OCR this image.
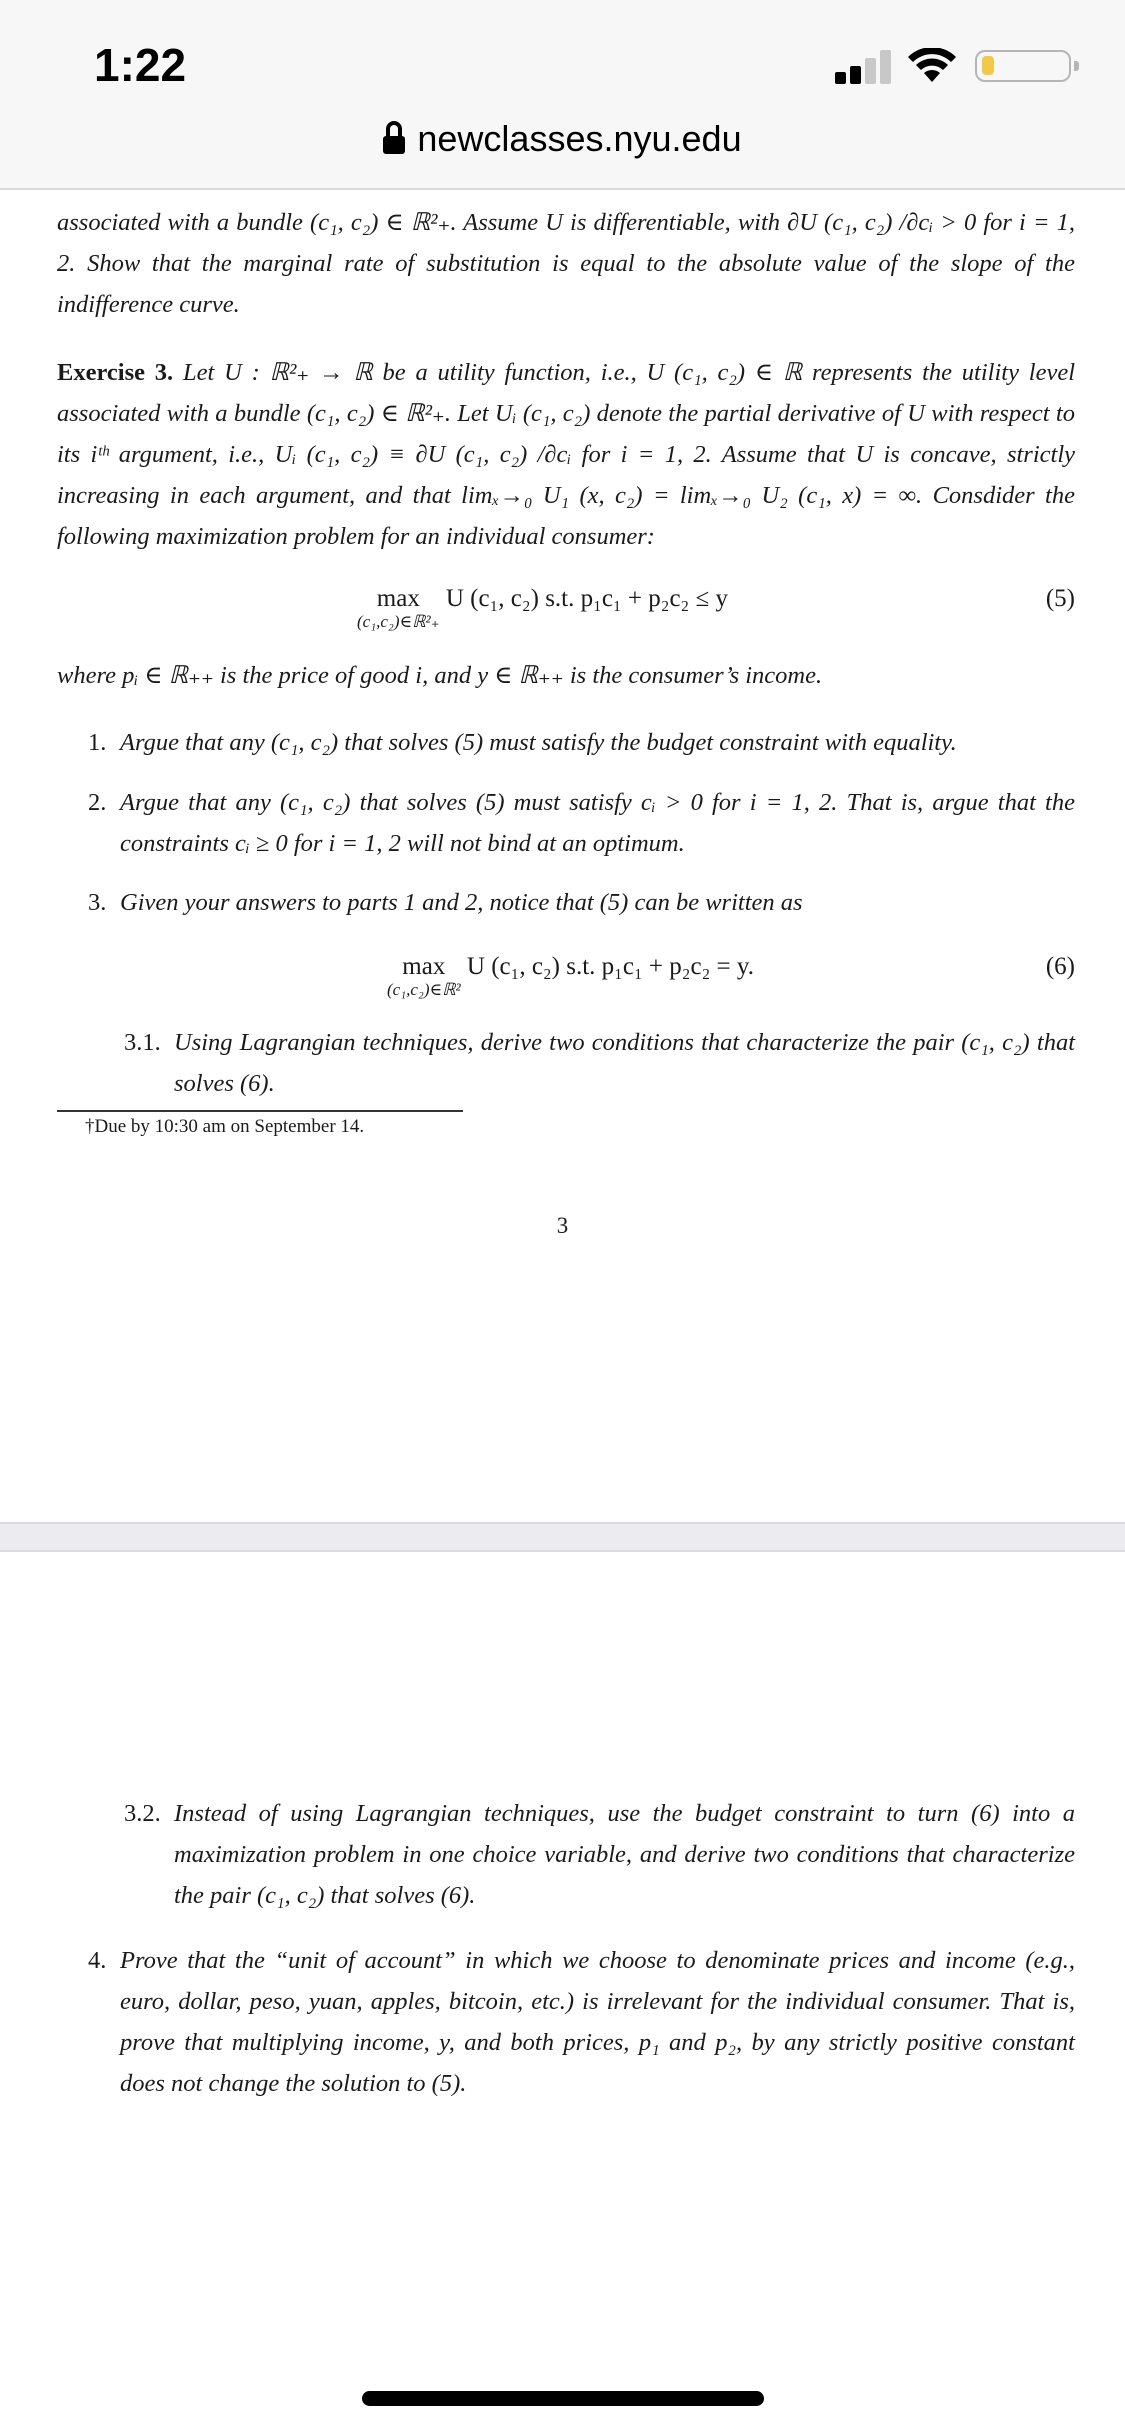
1:22
newclasses.nyu.edu

associated with a bundle (c₁, c₂) ∈ ℝ²₊. Assume U is differentiable, with ∂U (c₁, c₂) /∂cᵢ > 0 for i = 1, 2. Show that the marginal rate of substitution is equal to the absolute value of the slope of the indifference curve.

Exercise 3. Let U : ℝ²₊ → ℝ be a utility function, i.e., U (c₁, c₂) ∈ ℝ represents the utility level associated with a bundle (c₁, c₂) ∈ ℝ²₊. Let Uᵢ (c₁, c₂) denote the partial derivative of U with respect to its iᵗʰ argument, i.e., Uᵢ (c₁, c₂) ≡ ∂U (c₁, c₂) /∂cᵢ for i = 1, 2. Assume that U is concave, strictly increasing in each argument, and that limₓ→₀ U₁ (x, c₂) = limₓ→₀ U₂ (c₁, x) = ∞. Consdider the following maximization problem for an individual consumer:

max
(c₁,c₂)∈ℝ²₊
U (c₁, c₂) s.t. p₁c₁ + p₂c₂ ≤ y	(5)

where pᵢ ∈ ℝ₊₊ is the price of good i, and y ∈ ℝ₊₊ is the consumer’s income.

1. Argue that any (c₁, c₂) that solves (5) must satisfy the budget constraint with equality.
2. Argue that any (c₁, c₂) that solves (5) must satisfy cᵢ > 0 for i = 1, 2. That is, argue that the constraints cᵢ ≥ 0 for i = 1, 2 will not bind at an optimum.
3. Given your answers to parts 1 and 2, notice that (5) can be written as
max
(c₁,c₂)∈ℝ²
U (c₁, c₂) s.t. p₁c₁ + p₂c₂ = y.	(6)
3.1. Using Lagrangian techniques, derive two conditions that characterize the pair (c₁, c₂) that solves (6).
†Due by 10:30 am on September 14.
3
3.2. Instead of using Lagrangian techniques, use the budget constraint to turn (6) into a maximization problem in one choice variable, and derive two conditions that characterize the pair (c₁, c₂) that solves (6).
4. Prove that the “unit of account” in which we choose to denominate prices and income (e.g., euro, dollar, peso, yuan, apples, bitcoin, etc.) is irrelevant for the individual consumer. That is, prove that multiplying income, y, and both prices, p₁ and p₂, by any strictly positive constant does not change the solution to (5).
